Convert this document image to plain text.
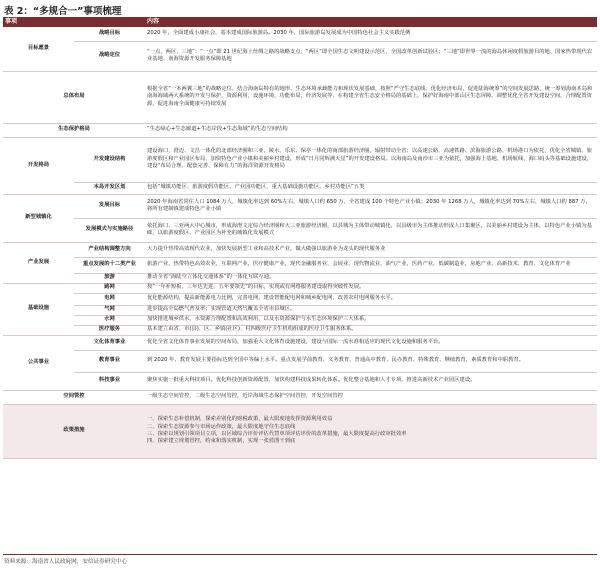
表 2：“多规合一”事项梳理
事项		内容
目标愿景	战略目标	2020 年，全面建成小康社会，基本建成国际旅游岛。2030 年，国际旅游岛发展成为中国特色社会主义实践范例
	战略定位	“一点、两区、三地”：“一点”即 21 世纪海上丝绸之路的战略支点；“两区”即全国生态文明建设示范区、全国改革创新试验区；“三地”即世界一流的海岛休闲度假旅游目的地、国家热带现代农业基地、南海资源开发服务保障基地
总体布局		根据全省“一本两翼三地”的战略定位，结合海南岛特有的地形、生态环境承载能力和现状发展基础，按照“严守生态底线、优化经济布局、促进陆海统筹”的空间发展思路，统一筹划海南本岛和南海海域两大系统的开发与保护，资源利用，设施环境，功能布局，经济发展等，在构建全省生态安全格局的基础上，保护好海南中部山区生态屏障，调整优化全省开发建设空间，合理配置资源，促进海南全面健康可持续发展
生态保护格局		“生态绿心+生态廊道+生态岸段+生态海域”的生态空间结构
开发格局	开发建设结构	建设海口、澄迈、文昌一体化的北部经济圈和三亚、陵水、乐东、保亭一体化的南部旅游经济圈，辐射带动全省；以高速公路、高速铁路、滨海旅游公路、机场港口为依托，优化全省城镇、旅游度假区和产业园区布局，加快特色产业小镇和美丽乡村建设，形成“日月同辉满天星”的开发建设格局。以海南岛及南沙市三亚为依托，加强海上基地、机场航线、海口码头等基础设施建设，建设“布局合理、配套完善、保障有力”的海洋资源开发格局
	本岛开发区划	包括“城镇功能区、旅游度假功能区、产业园功能区、重大基础设施功能区、乡村功能区”五类
新型城镇化	发展目标	2020 年海南省常住人口 1084 万人，城镇化率达到 60%左右，城镇人口约 650 万，全省建成 100 个特色产业小镇；2030 年 1268 万人，城镇化率达到 70%左右，城镇人口约 887 万，将所有建制镇建成特色产业小镇
	发展模式与实施路径	依托海口、三亚两大中心城市，形成海澄文定综合经济圈和大三亚旅游经济圈，以县城为主体带动城镇化，以县级市为主体推动形成人口集聚区，以美丽乡村建设为主体，以特色产业小镇为基础，以旅游度假区、产业园区为补充的城镇化发展模式
产业发展	产业结构调整方向	大力提升热带高效现代农业，加快发展新型工业和高技术产业，做大做强以旅游业为龙头的现代服务业
	重点发展的十二类产业	旅游产业，热带特色高效农业，互联网产业，医疗健康产业，现代金融服务业，会展业，现代物流业，油气产业，医药产业，低碳制造业，房地产业，高新技术、教育、文化体育产业
	旅游	推动全省“海陆空立体化交通体系”的一体化互联互通。
基础设施	路网	按“一年补短板、三年达先进、五年要领先”的目标，实现或有网络服务建设取得突破性发展。
	电网	优化能源结构，提高新能源电力比例，完善电网，建设智能配电网和城乡配电网，改善农村电网服务水平。
	气网	进步提高全岛燃气普及率；实现管道天然气覆盖全省市县城区。
	水网	加快推进城乡供水、水资源合理配置和高效利用，以及水资源保护与水生态环境保护三大体系。
	医疗服务	基本建立由省、市(县)、区、乡镇(社区)、村四级医疗卫生机构组成的医疗卫生服务体系。
公共事业	文化体育事业	优化全省文化体育事业发展的空间布局，加强重大文化体育设施建设，建设与国际一流水准相适应的现代文化设施和服务平台。
	教育事业	到 2020 年，教育发展主要指标达到全国中等偏上水平。重点发展学前教育、义务教育、普通高中教育、民办教育、特殊教育、继续教育，素质教育和中职教育。
	科技事业	聚焦实施一批重大科技项目。优化科技创新资源配置，加快构建科技成果转化体系。优化整合基地和人才专项，推进高新技术产业园区建设。
空间管控		一级生态空间管控，二级生态空间管控，近岸海域生态保护空间管控，开发空间管控
政策措施		一、探索生态补偿机制，探索差别化的财税政策，最大限度地发挥资源利用效益
二、探索生态资源参与市场运作政策，最大限度地守住生态底线
三、探索以规划引领项目立项，以区域综合评价评估代替单项评估评价的改革措施，最大限度提高行政审批效率
四、探索建立规划管控，约束和落实机制，实现一张蓝图干到底
资料来源：海南省人民政府网，安信证券研究中心
